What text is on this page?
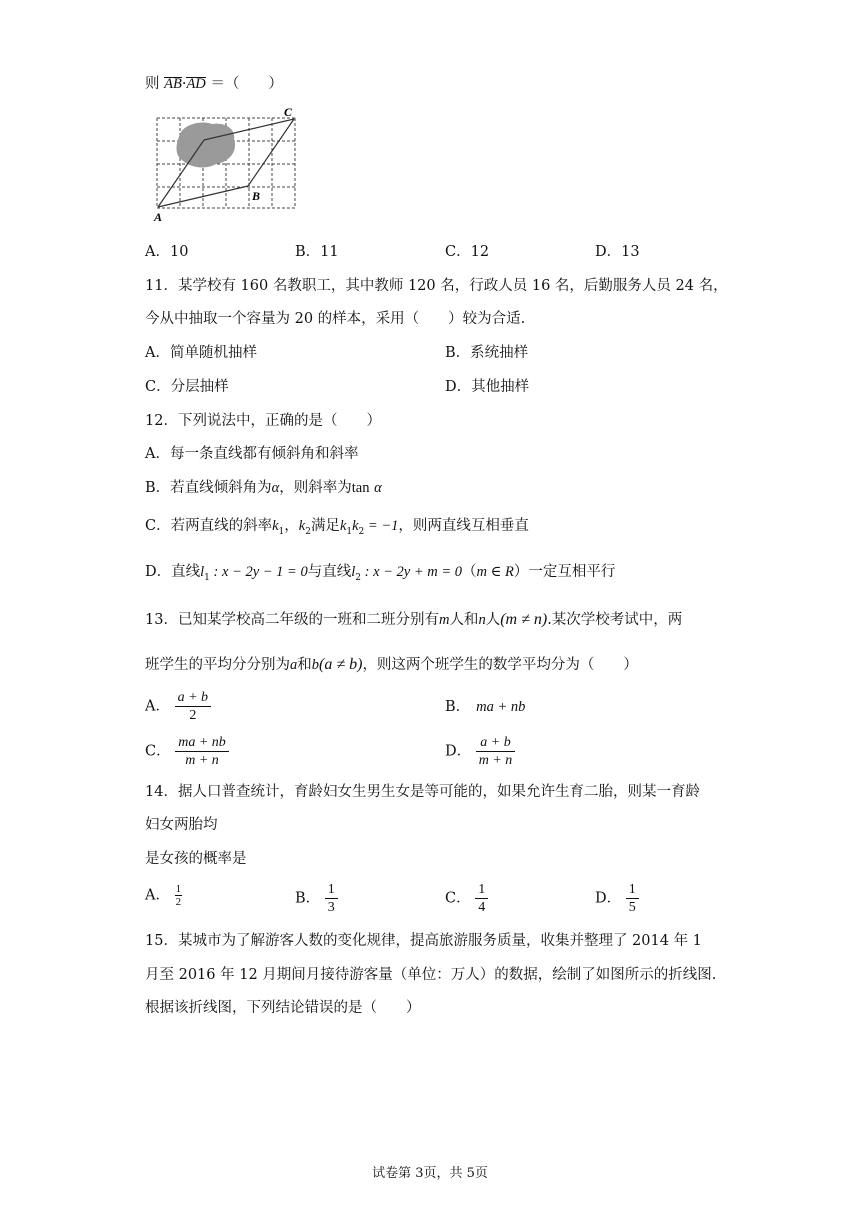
则 AB·
AD ＝（　　）
A
B
C
A．10	B．11	C．12	D．13
11．某学校有 160 名教职工，其中教师 120 名，行政人员 16 名，后勤服务人员 24 名，
今从中抽取一个容量为 20 的样本，采用（　　）较为合适.
A．简单随机抽样	B．系统抽样
C．分层抽样	D．其他抽样
12．下列说法中，正确的是（　　）
A．每一条直线都有倾斜角和斜率
B．若直线倾斜角为α，则斜率为tan α
C．若两直线的斜率$k_1$，$k_2$满足$k_1k_2 = -1$，则两直线互相垂直
D．直线$l_1$ : x − 2y − 1 = 0与直线$l_2$ : x − 2y + m = 0（m ∈ R）一定互相平行
13．已知某学校高二年级的一班和二班分别有m人和n人(m ≠ n).某次学校考试中，两
班学生的平均分分别为a和b(a ≠ b)，则这两个班学生的数学平均分为（　　）
A． $\frac{a + b}{2}$	B． ma + nb
C． $\frac{ma + nb}{m + n}$	D． $\frac{a + b}{m + n}$
14．据人口普查统计，育龄妇女生男生女是等可能的，如果允许生育二胎，则某一育龄
妇女两胎均
是女孩的概率是
A． $\frac{1}{2}$	B． $\frac{1}{3}$	C． $\frac{1}{4}$	D． $\frac{1}{5}$
15．某城市为了解游客人数的变化规律，提高旅游服务质量，收集并整理了 2014 年 1
月至 2016 年 12 月期间月接待游客量（单位：万人）的数据，绘制了如图所示的折线图.
根据该折线图，下列结论错误的是（　　）
试卷第 3页，共 5页
